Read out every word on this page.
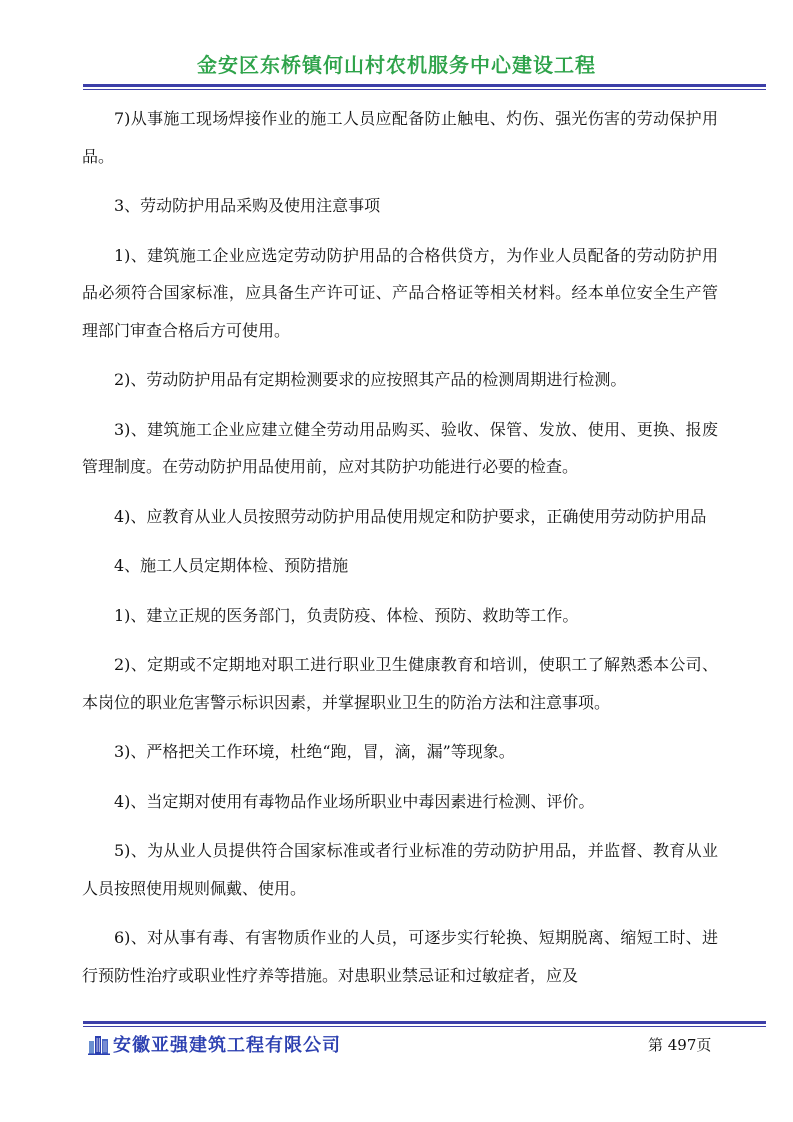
金安区东桥镇何山村农机服务中心建设工程

7)从事施工现场焊接作业的施工人员应配备防止触电、灼伤、强光伤害的劳动保护用品。

3、劳动防护用品采购及使用注意事项

1)、建筑施工企业应选定劳动防护用品的合格供贷方，为作业人员配备的劳动防护用品必须符合国家标准，应具备生产许可证、产品合格证等相关材料。经本单位安全生产管理部门审查合格后方可使用。

2)、劳动防护用品有定期检测要求的应按照其产品的检测周期进行检测。

3)、建筑施工企业应建立健全劳动用品购买、验收、保管、发放、使用、更换、报废管理制度。在劳动防护用品使用前，应对其防护功能进行必要的检查。

4)、应教育从业人员按照劳动防护用品使用规定和防护要求，正确使用劳动防护用品

4、施工人员定期体检、预防措施

1)、建立正规的医务部门，负责防疫、体检、预防、救助等工作。

2)、定期或不定期地对职工进行职业卫生健康教育和培训，使职工了解熟悉本公司、本岗位的职业危害警示标识因素，并掌握职业卫生的防治方法和注意事项。

3)、严格把关工作环境，杜绝“跑，冒，滴，漏”等现象。

4)、当定期对使用有毒物品作业场所职业中毒因素进行检测、评价。

5)、为从业人员提供符合国家标准或者行业标准的劳动防护用品，并监督、教育从业人员按照使用规则佩戴、使用。

6)、对从事有毒、有害物质作业的人员，可逐步实行轮换、短期脱离、缩短工时、进行预防性治疗或职业性疗养等措施。对患职业禁忌证和过敏症者，应及

安徽亚强建筑工程有限公司	第 497页
